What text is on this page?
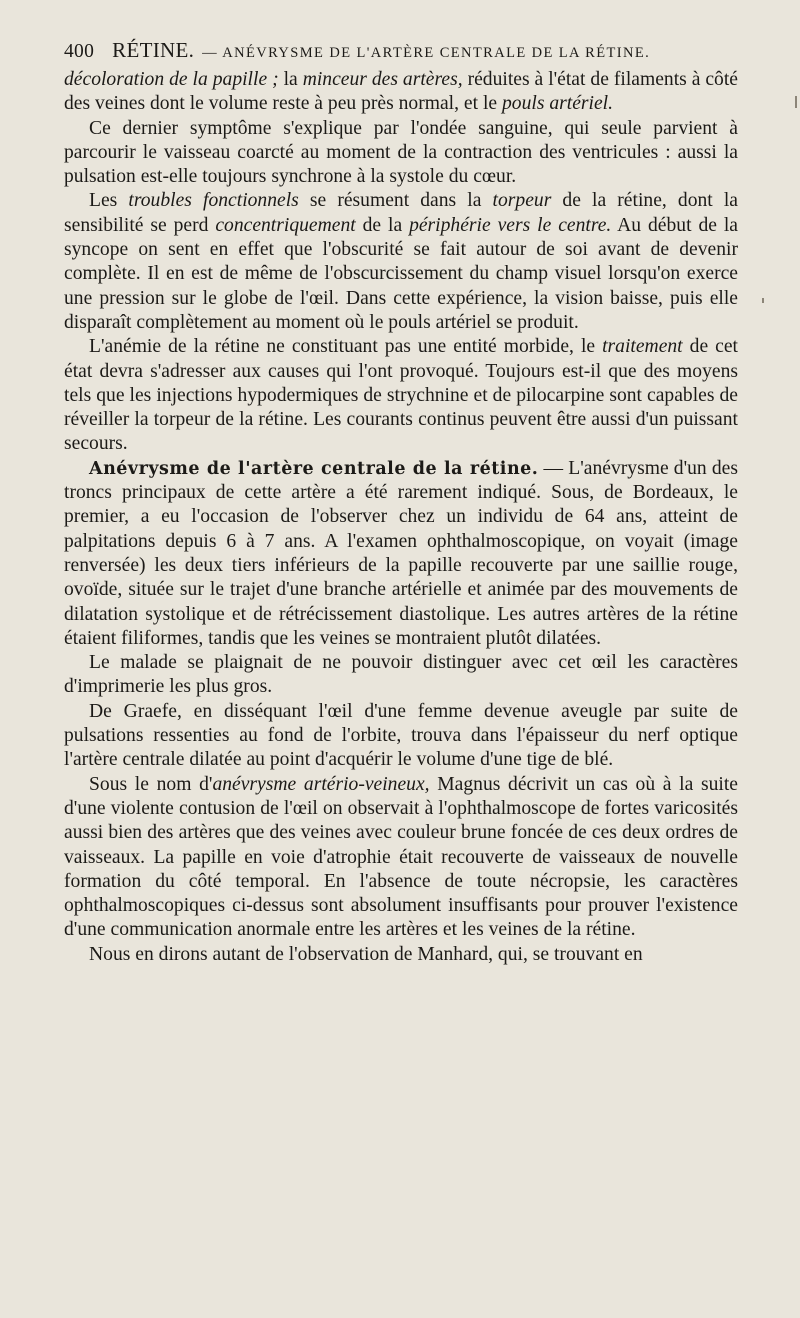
400 RÉTINE. — ANÉVRYSME DE L'ARTÈRE CENTRALE DE LA RÉTINE.

décoloration de la papille ; la minceur des artères, réduites à l'état de filaments à côté des veines dont le volume reste à peu près normal, et le pouls artériel.

Ce dernier symptôme s'explique par l'ondée sanguine, qui seule parvient à parcourir le vaisseau coarcté au moment de la contraction des ventricules : aussi la pulsation est-elle toujours synchrone à la systole du cœur.

Les troubles fonctionnels se résument dans la torpeur de la rétine, dont la sensibilité se perd concentriquement de la périphérie vers le centre. Au début de la syncope on sent en effet que l'obscurité se fait autour de soi avant de devenir complète. Il en est de même de l'obscurcissement du champ visuel lorsqu'on exerce une pression sur le globe de l'œil. Dans cette expérience, la vision baisse, puis elle disparaît complètement au moment où le pouls artériel se produit.

L'anémie de la rétine ne constituant pas une entité morbide, le traitement de cet état devra s'adresser aux causes qui l'ont provoqué. Toujours est-il que des moyens tels que les injections hypodermiques de strychnine et de pilocarpine sont capables de réveiller la torpeur de la rétine. Les courants continus peuvent être aussi d'un puissant secours.

Anévrysme de l'artère centrale de la rétine. — L'anévrysme d'un des troncs principaux de cette artère a été rarement indiqué. Sous, de Bordeaux, le premier, a eu l'occasion de l'observer chez un individu de 64 ans, atteint de palpitations depuis 6 à 7 ans. A l'examen ophthalmoscopique, on voyait (image renversée) les deux tiers inférieurs de la papille recouverte par une saillie rouge, ovoïde, située sur le trajet d'une branche artérielle et animée par des mouvements de dilatation systolique et de rétrécissement diastolique. Les autres artères de la rétine étaient filiformes, tandis que les veines se montraient plutôt dilatées.

Le malade se plaignait de ne pouvoir distinguer avec cet œil les caractères d'imprimerie les plus gros.

De Graefe, en disséquant l'œil d'une femme devenue aveugle par suite de pulsations ressenties au fond de l'orbite, trouva dans l'épaisseur du nerf optique l'artère centrale dilatée au point d'acquérir le volume d'une tige de blé.

Sous le nom d'anévrysme artério-veineux, Magnus décrivit un cas où à la suite d'une violente contusion de l'œil on observait à l'ophthalmoscope de fortes varicosités aussi bien des artères que des veines avec couleur brune foncée de ces deux ordres de vaisseaux. La papille en voie d'atrophie était recouverte de vaisseaux de nouvelle formation du côté temporal. En l'absence de toute nécropsie, les caractères ophthalmoscopiques ci-dessus sont absolument insuffisants pour prouver l'existence d'une communication anormale entre les artères et les veines de la rétine.

Nous en dirons autant de l'observation de Manhard, qui, se trouvant en
